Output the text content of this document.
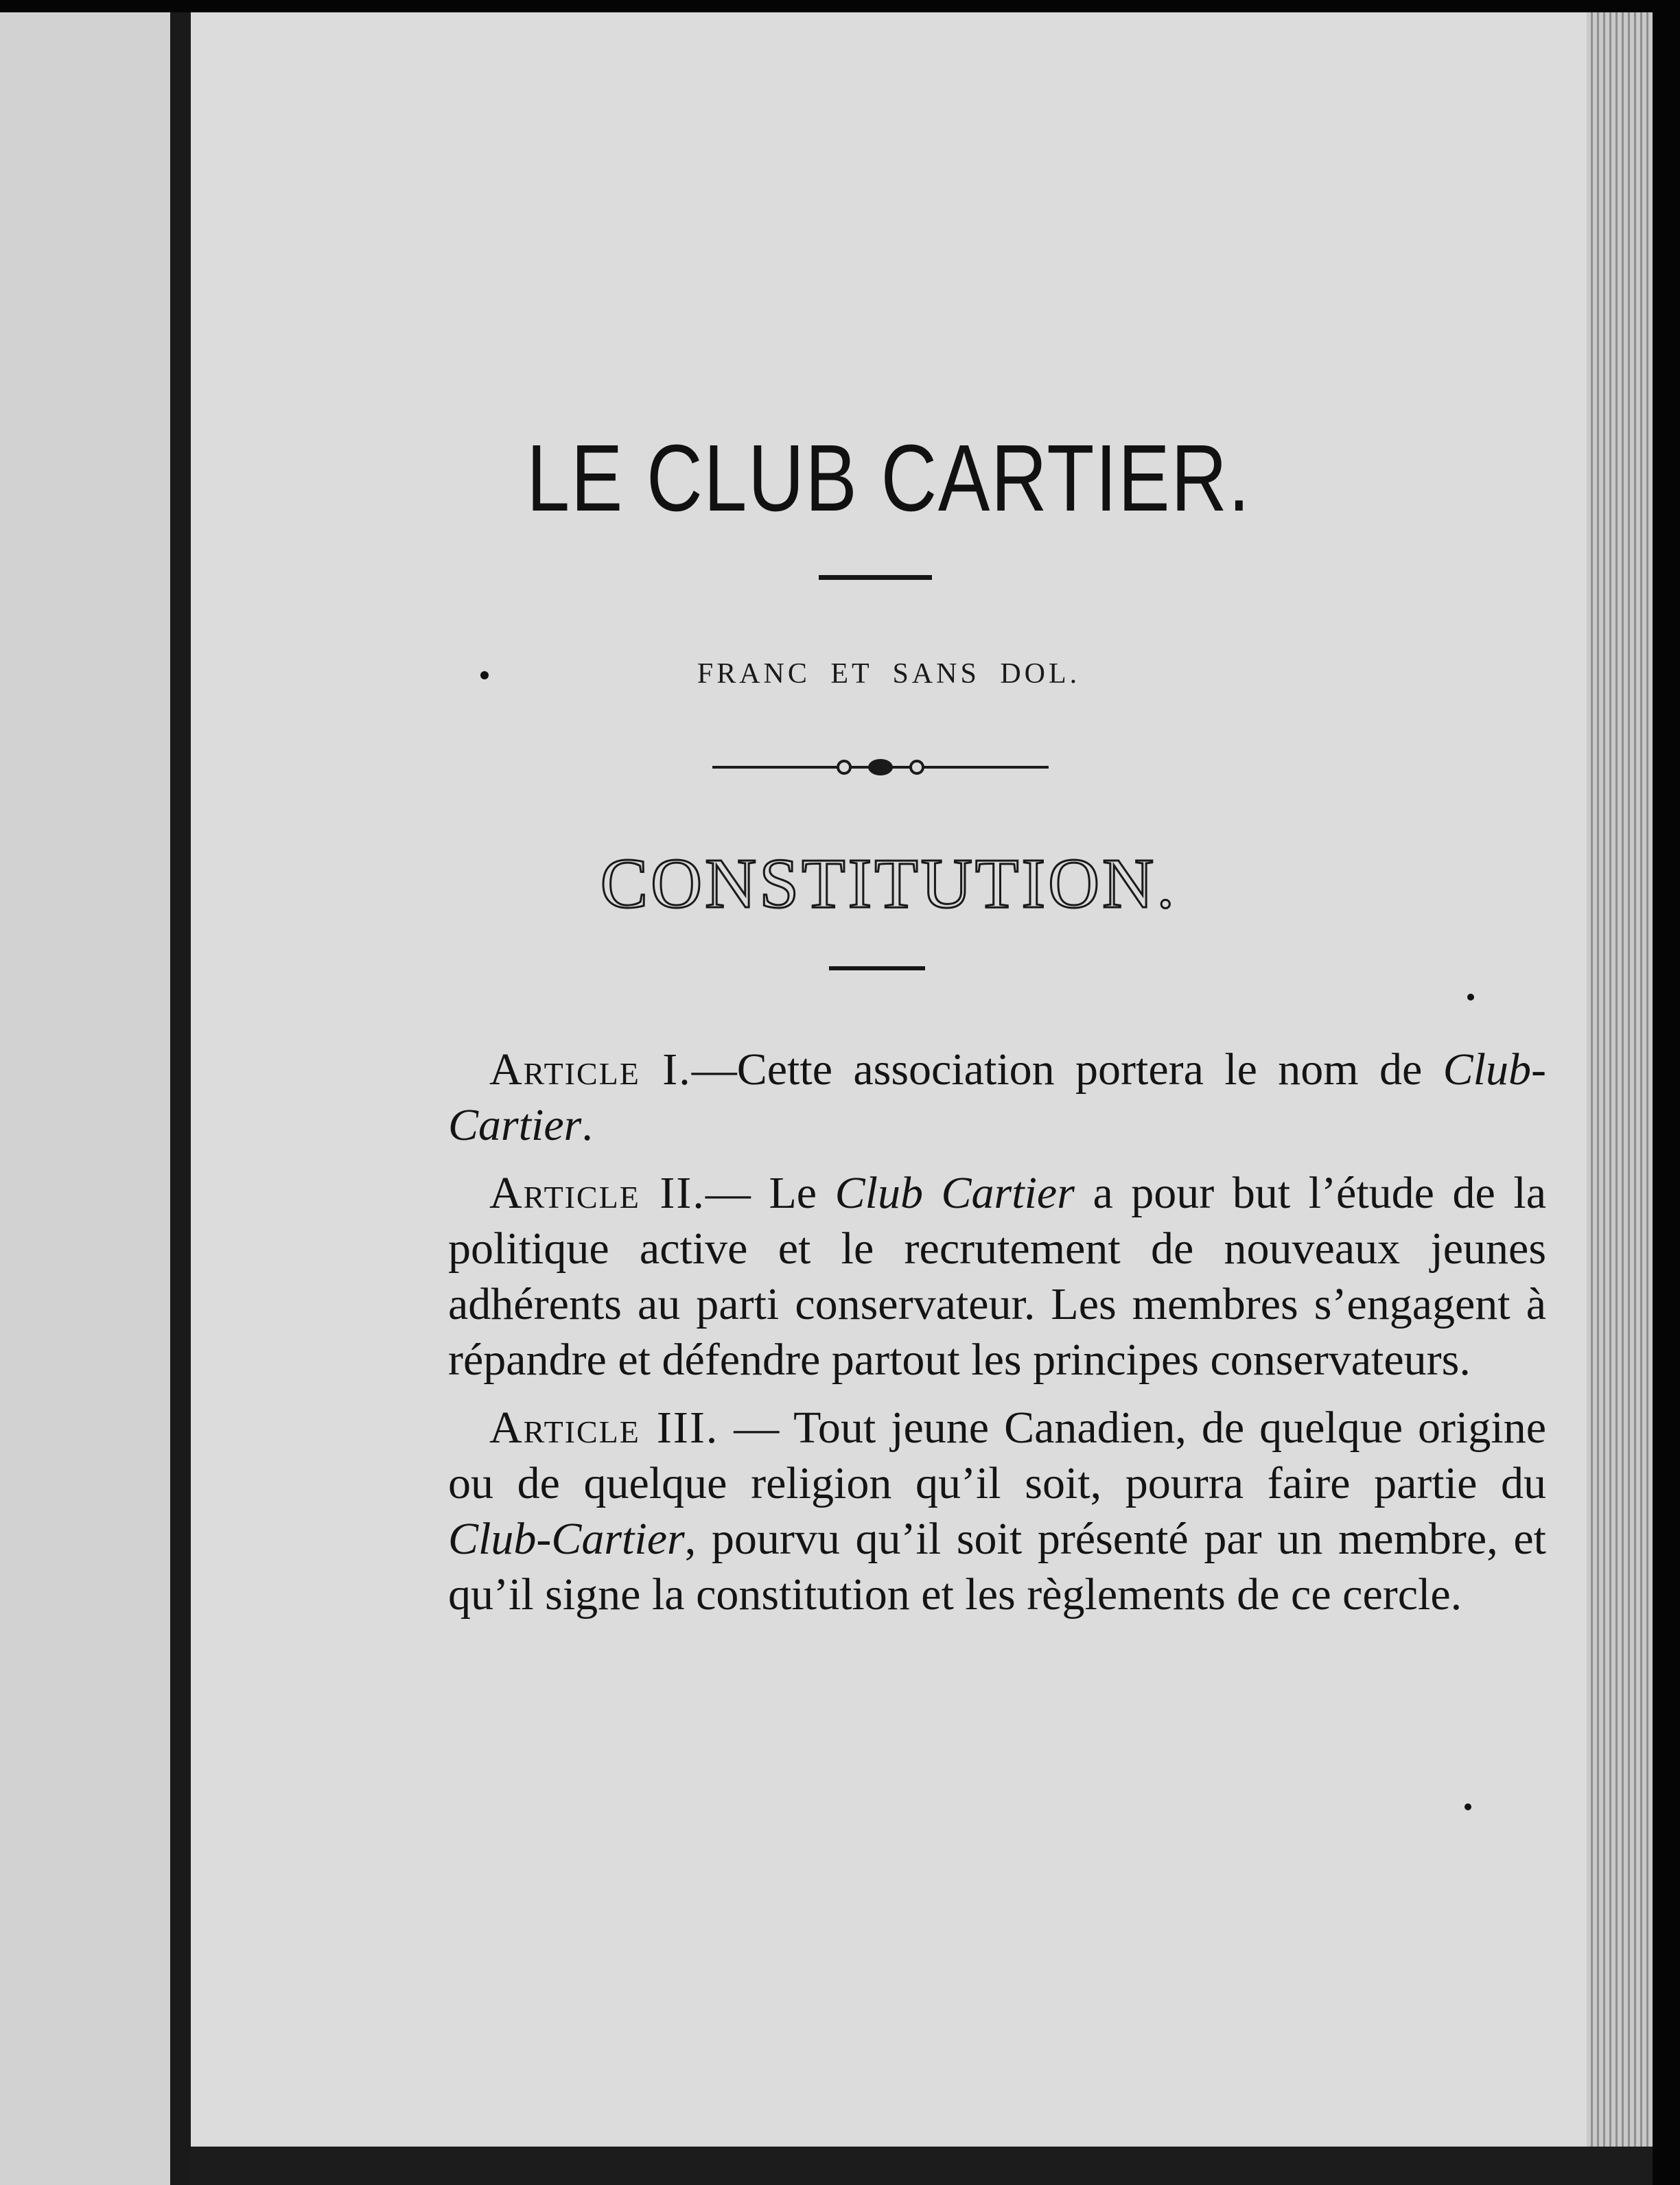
LE CLUB CARTIER.
FRANC ET SANS DOL.
CONSTITUTION.

Article I.—Cette association portera le nom de Club-Cartier.

Article II.— Le Club Cartier a pour but l’étude de la politique active et le recrutement de nouveaux jeunes adhérents au parti conservateur. Les membres s’engagent à répandre et défendre partout les principes conservateurs.

Article III. — Tout jeune Canadien, de quelque origine ou de quelque religion qu’il soit, pourra faire partie du Club-Cartier, pourvu qu’il soit présenté par un membre, et qu’il signe la constitution et les règlements de ce cercle.
